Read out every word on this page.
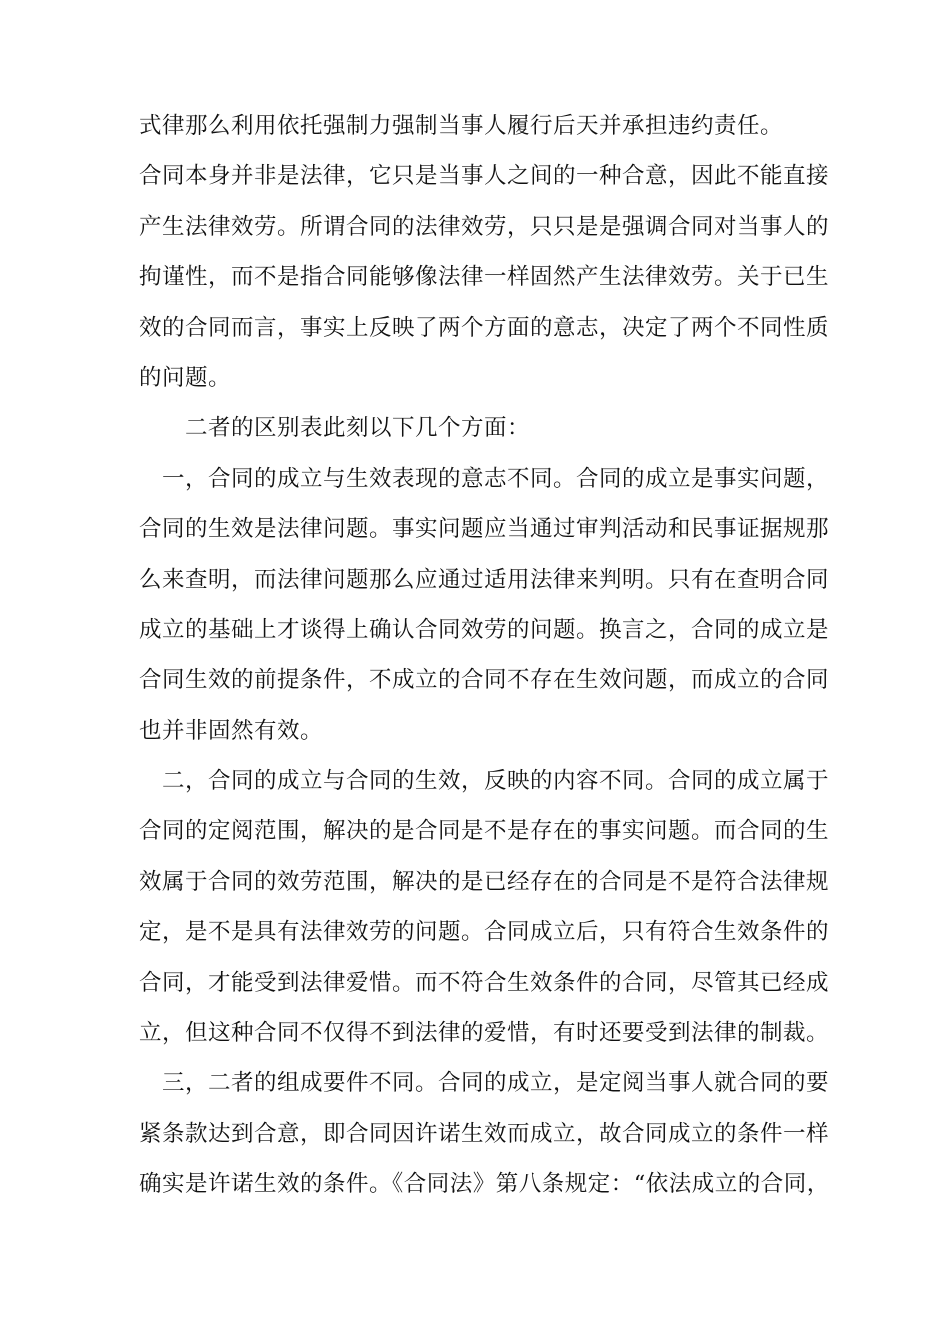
式律那么利用依托强制力强制当事人履行后天并承担违约责任。
合同本身并非是法律，它只是当事人之间的一种合意，因此不能直接
产生法律效劳。所谓合同的法律效劳，只只是是强调合同对当事人的
拘谨性，而不是指合同能够像法律一样固然产生法律效劳。关于已生
效的合同而言，事实上反映了两个方面的意志，决定了两个不同性质
的问题。
　　二者的区别表此刻以下几个方面：
　一，合同的成立与生效表现的意志不同。合同的成立是事实问题，
合同的生效是法律问题。事实问题应当通过审判活动和民事证据规那
么来查明，而法律问题那么应通过适用法律来判明。只有在查明合同
成立的基础上才谈得上确认合同效劳的问题。换言之，合同的成立是
合同生效的前提条件，不成立的合同不存在生效问题，而成立的合同
也并非固然有效。
　二，合同的成立与合同的生效，反映的内容不同。合同的成立属于
合同的定阅范围，解决的是合同是不是存在的事实问题。而合同的生
效属于合同的效劳范围，解决的是已经存在的合同是不是符合法律规
定，是不是具有法律效劳的问题。合同成立后，只有符合生效条件的
合同，才能受到法律爱惜。而不符合生效条件的合同，尽管其已经成
立，但这种合同不仅得不到法律的爱惜，有时还要受到法律的制裁。
　三，二者的组成要件不同。合同的成立，是定阅当事人就合同的要
紧条款达到合意，即合同因许诺生效而成立，故合同成立的条件一样
确实是许诺生效的条件。《合同法》第八条规定：“依法成立的合同，
